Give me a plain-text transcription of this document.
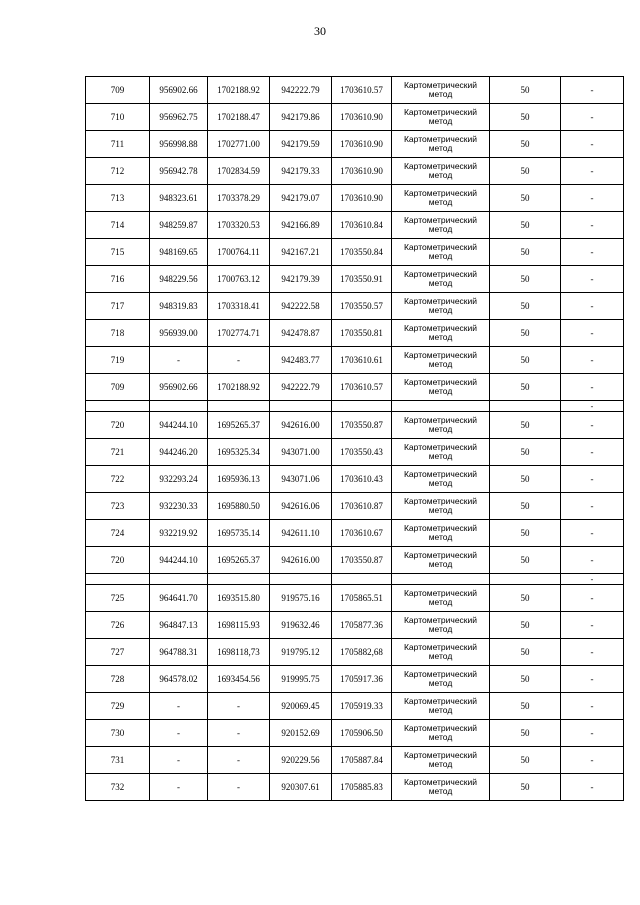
30
709	956902.66	1702188.92	942222.79	1703610.57	Картометрический метод	50	-
710	956962.75	1702188.47	942179.86	1703610.90	Картометрический метод	50	-
711	956998.88	1702771.00	942179.59	1703610.90	Картометрический метод	50	-
712	956942.78	1702834.59	942179.33	1703610.90	Картометрический метод	50	-
713	948323.61	1703378.29	942179.07	1703610.90	Картометрический метод	50	-
714	948259.87	1703320.53	942166.89	1703610.84	Картометрический метод	50	-
715	948169.65	1700764.11	942167.21	1703550.84	Картометрический метод	50	-
716	948229.56	1700763.12	942179.39	1703550.91	Картометрический метод	50	-
717	948319.83	1703318.41	942222.58	1703550.57	Картометрический метод	50	-
718	956939.00	1702774.71	942478.87	1703550.81	Картометрический метод	50	-
719	-	-	942483.77	1703610.61	Картометрический метод	50	-
709	956902.66	1702188.92	942222.79	1703610.57	Картометрический метод	50	-
							-
720	944244.10	1695265.37	942616.00	1703550.87	Картометрический метод	50	-
721	944246.20	1695325.34	943071.00	1703550.43	Картометрический метод	50	-
722	932293.24	1695936.13	943071.06	1703610.43	Картометрический метод	50	-
723	932230.33	1695880.50	942616.06	1703610.87	Картометрический метод	50	-
724	932219.92	1695735.14	942611.10	1703610.67	Картометрический метод	50	-
720	944244.10	1695265.37	942616.00	1703550.87	Картометрический метод	50	-
							-
725	964641.70	1693515.80	919575.16	1705865.51	Картометрический метод	50	-
726	964847.13	1698115.93	919632.46	1705877.36	Картометрический метод	50	-
727	964788.31	1698118,73	919795.12	1705882,68	Картометрический метод	50	-
728	964578.02	1693454.56	919995.75	1705917.36	Картометрический метод	50	-
729	-	-	920069.45	1705919.33	Картометрический метод	50	-
730	-	-	920152.69	1705906.50	Картометрический метод	50	-
731	-	-	920229.56	1705887.84	Картометрический метод	50	-
732	-	-	920307.61	1705885.83	Картометрический метод	50	-
